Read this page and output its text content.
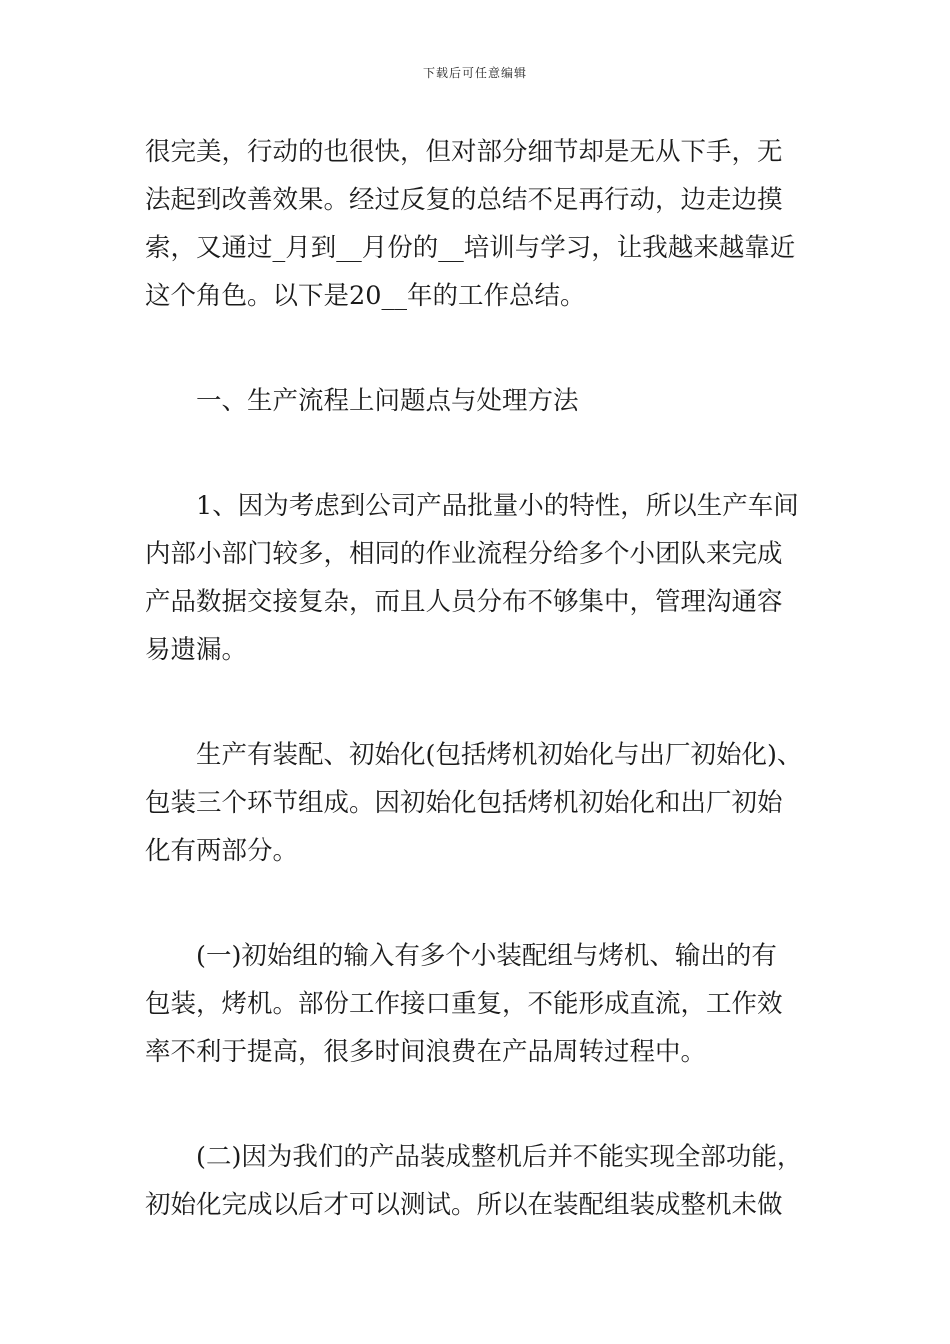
下载后可任意编辑
很完美，行动的也很快，但对部分细节却是无从下手，无
法起到改善效果。经过反复的总结不足再行动，边走边摸
索，又通过_月到__月份的__培训与学习，让我越来越靠近
这个角色。以下是20__年的工作总结。
　　一、生产流程上问题点与处理方法
　　1、因为考虑到公司产品批量小的特性，所以生产车间
内部小部门较多，相同的作业流程分给多个小团队来完成
产品数据交接复杂，而且人员分布不够集中，管理沟通容
易遗漏。
　　生产有装配、初始化(包括烤机初始化与出厂初始化)、
包装三个环节组成。因初始化包括烤机初始化和出厂初始
化有两部分。
　　(一)初始组的输入有多个小装配组与烤机、输出的有
包装，烤机。部份工作接口重复，不能形成直流，工作效
率不利于提高，很多时间浪费在产品周转过程中。
　　(二)因为我们的产品装成整机后并不能实现全部功能，
初始化完成以后才可以测试。所以在装配组装成整机未做
